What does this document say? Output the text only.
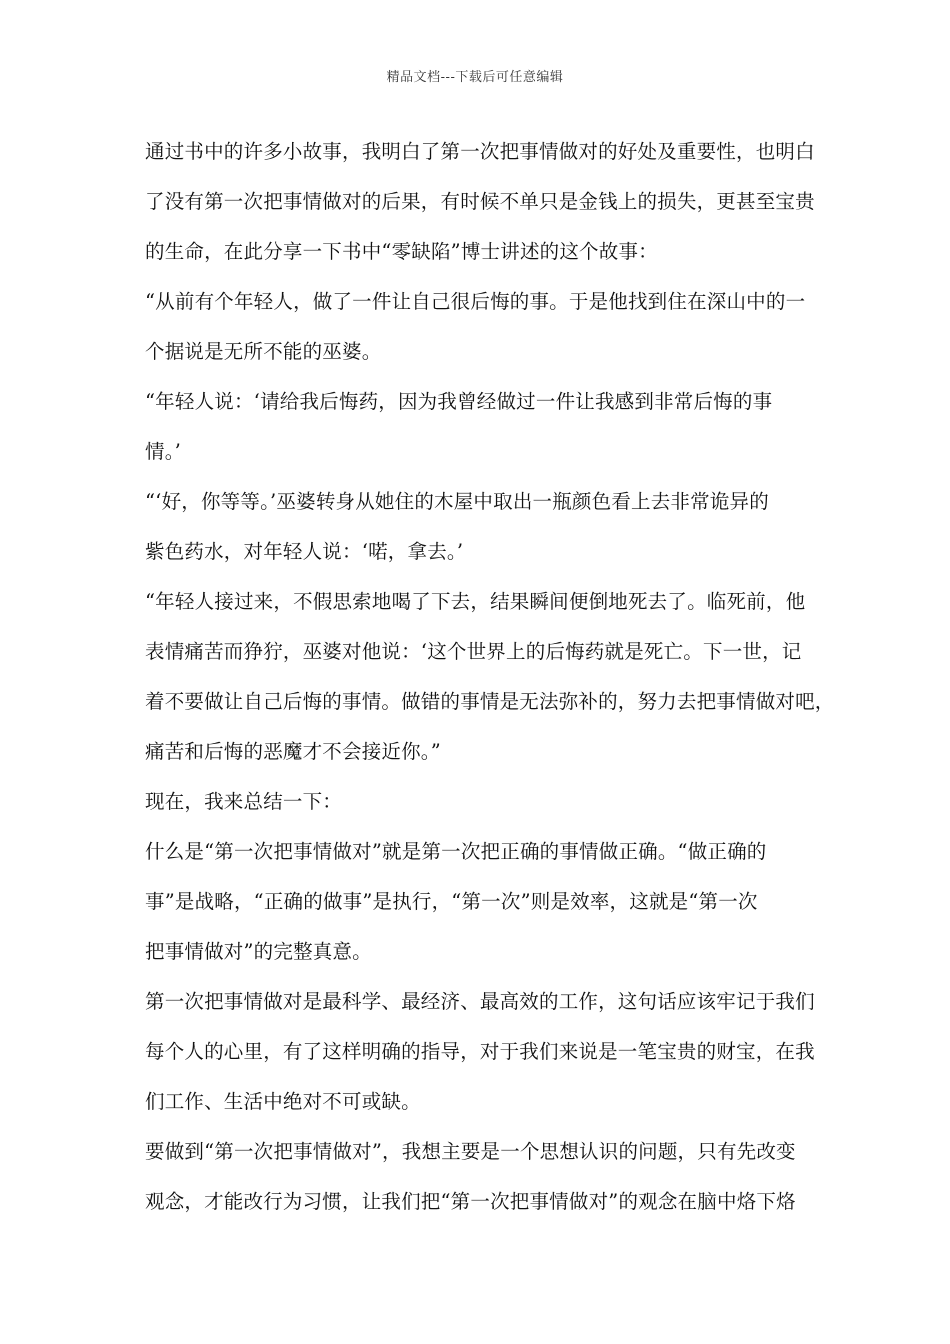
精品文档---下载后可任意编辑
通过书中的许多小故事，我明白了第一次把事情做对的好处及重要性，也明白
了没有第一次把事情做对的后果，有时候不单只是金钱上的损失，更甚至宝贵
的生命，在此分享一下书中“零缺陷”博士讲述的这个故事：
“从前有个年轻人，做了一件让自己很后悔的事。于是他找到住在深山中的一
个据说是无所不能的巫婆。
“年轻人说：‘请给我后悔药，因为我曾经做过一件让我感到非常后悔的事
情。’
“‘好，你等等。’巫婆转身从她住的木屋中取出一瓶颜色看上去非常诡异的
紫色药水，对年轻人说：‘喏，拿去。’
“年轻人接过来，不假思索地喝了下去，结果瞬间便倒地死去了。临死前，他
表情痛苦而狰狞，巫婆对他说：‘这个世界上的后悔药就是死亡。下一世，记
着不要做让自己后悔的事情。做错的事情是无法弥补的，努力去把事情做对吧，
痛苦和后悔的恶魔才不会接近你。”
现在，我来总结一下：
什么是“第一次把事情做对”就是第一次把正确的事情做正确。“做正确的
事”是战略，“正确的做事”是执行，“第一次”则是效率，这就是“第一次
把事情做对”的完整真意。
第一次把事情做对是最科学、最经济、最高效的工作，这句话应该牢记于我们
每个人的心里，有了这样明确的指导，对于我们来说是一笔宝贵的财宝，在我
们工作、生活中绝对不可或缺。
要做到“第一次把事情做对”，我想主要是一个思想认识的问题，只有先改变
观念，才能改行为习惯，让我们把“第一次把事情做对”的观念在脑中烙下烙
